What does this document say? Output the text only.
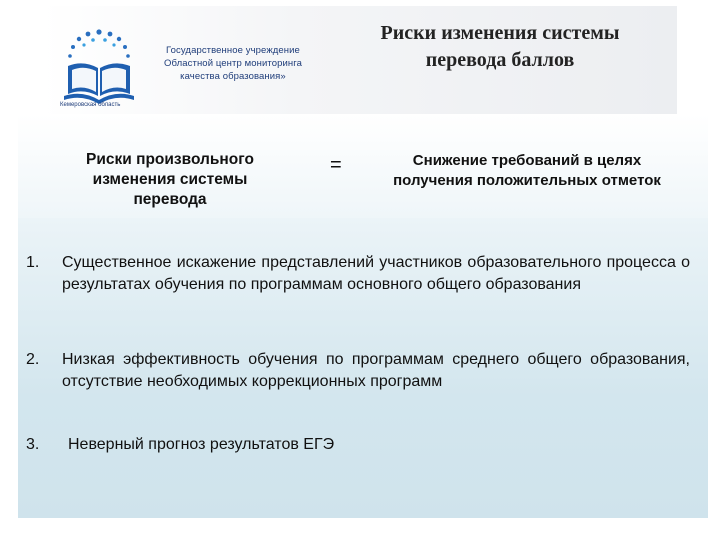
Государственное учреждение
Областной центр мониторинга
качества образования»
Кемеровская область
Риски изменения системы
перевода баллов
Риски произвольного
изменения системы
перевода
=	Снижение требований в целях
получения положительных отметок
1. Существенное искажение представлений участников образовательного процесса о результатах обучения по программам основного общего образования
2. Низкая эффективность обучения по программам среднего общего образования, отсутствие необходимых коррекционных программ
3. Неверный прогноз результатов ЕГЭ
